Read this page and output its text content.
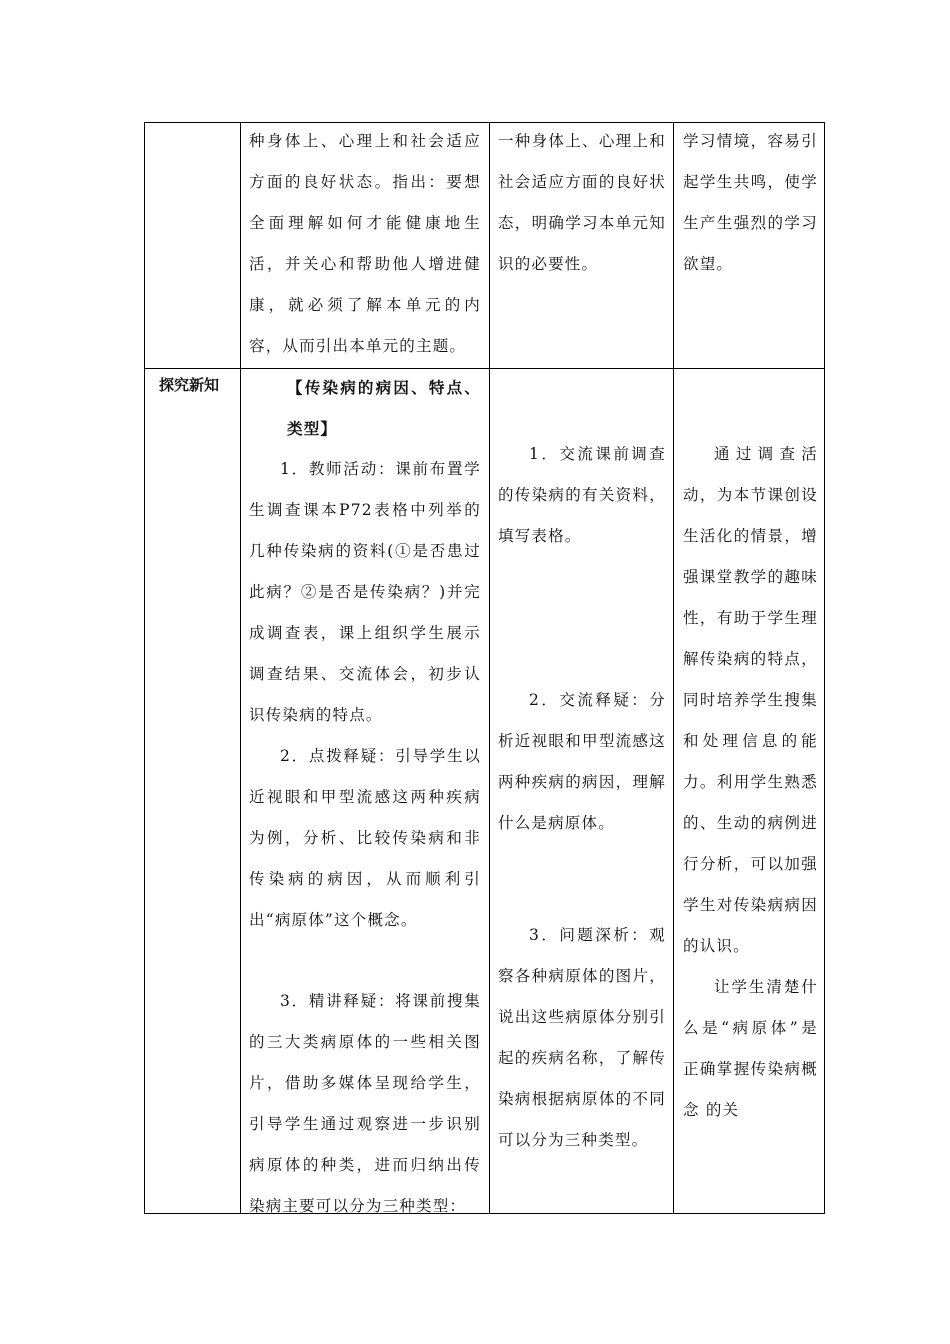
种身体上、心理上和社会适应方面的良好状态。指出：要想全面理解如何才能健康地生活，并关心和帮助他人增进健康，就必须了解本单元的内容，从而引出本单元的主题。
一种身体上、心理上和社会适应方面的良好状态，明确学习本单元知识的必要性。
学习情境，容易引起学生共鸣，使学生产生强烈的学习欲望。
探究新知	【传染病的病因、特点、类型】

1．教师活动：课前布置学生调查课本P72表格中列举的几种传染病的资料(①是否患过此病？②是否是传染病？)并完成调查表，课上组织学生展示调查结果、交流体会，初步认识传染病的特点。

2．点拨释疑：引导学生以近视眼和甲型流感这两种疾病为例，分析、比较传染病和非传染病的病因，从而顺利引出“病原体”这个概念。

3．精讲释疑：将课前搜集的三大类病原体的一些相关图片，借助多媒体呈现给学生，引导学生通过观察进一步识别病原体的种类，进而归纳出传染病主要可以分为三种类型：

1．交流课前调查的传染病的有关资料，填写表格。

2．交流释疑：分析近视眼和甲型流感这两种疾病的病因，理解什么是病原体。

3．问题深析：观察各种病原体的图片，说出这些病原体分别引起的疾病名称，了解传染病根据病原体的不同可以分为三种类型。

通过调查活动，为本节课创设生活化的情景，增强课堂教学的趣味性，有助于学生理解传染病的特点，同时培养学生搜集和处理信息的能力。利用学生熟悉的、生动的病例进行分析，可以加强学生对传染病病因的认识。

让学生清楚什么是“病原体”是正确掌握传染病概念 的关
